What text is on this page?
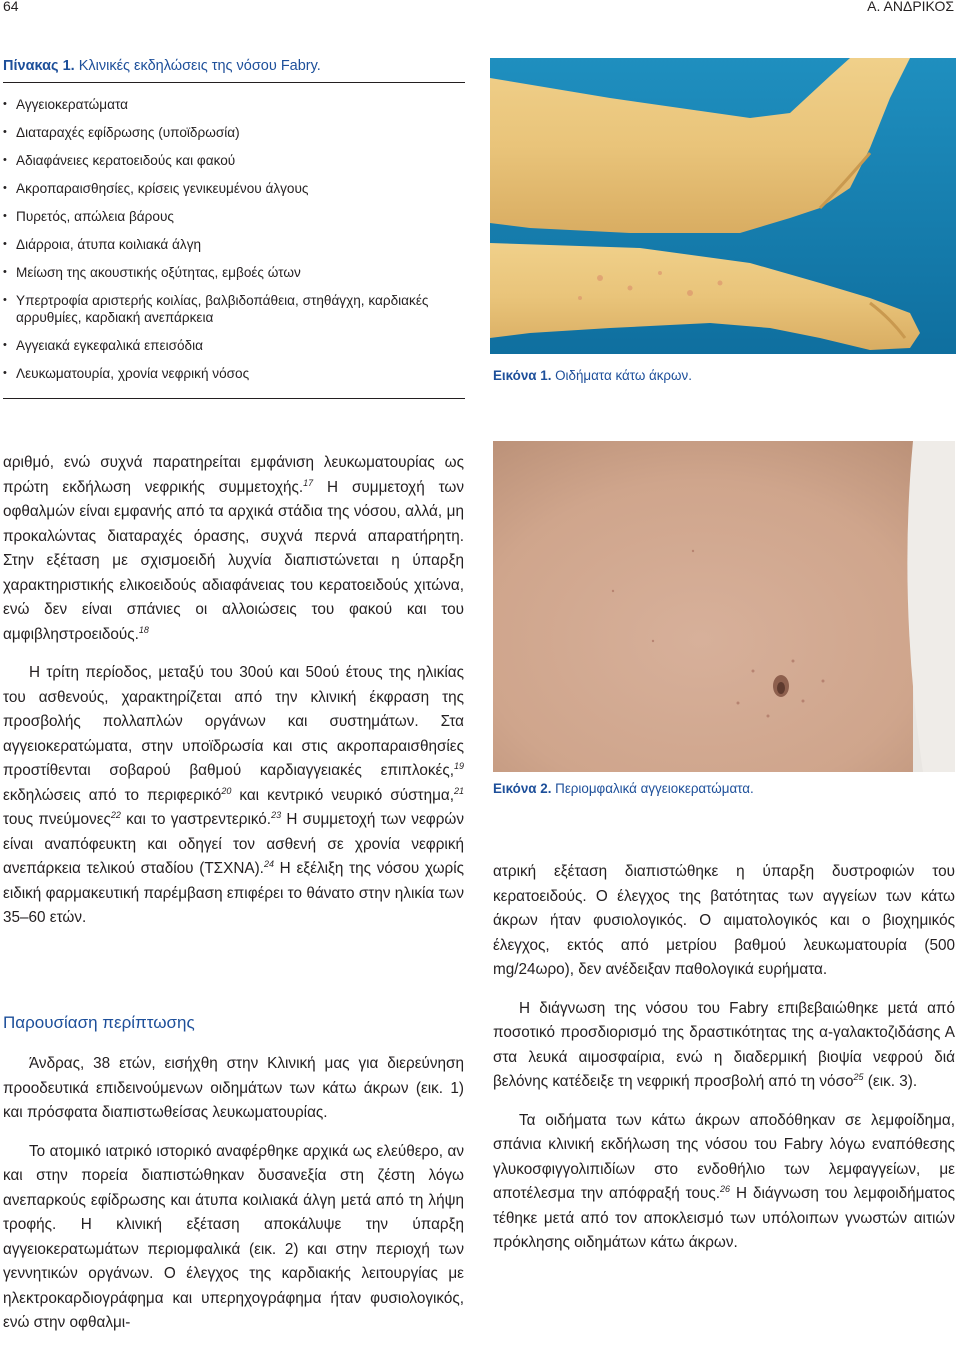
64	Α. ΑΝΔΡΙΚΟΣ
Πίνακας 1. Κλινικές εκδηλώσεις της νόσου Fabry.
• Αγγειοκερατώματα
• Διαταραχές εφίδρωσης (υποϊδρωσία)
• Αδιαφάνειες κερατοειδούς και φακού
• Ακροπαραισθησίες, κρίσεις γενικευμένου άλγους
• Πυρετός, απώλεια βάρους
• Διάρροια, άτυπα κοιλιακά άλγη
• Μείωση της ακουστικής οξύτητας, εμβοές ώτων
• Υπερτροφία αριστερής κοιλίας, βαλβιδοπάθεια, στηθάγχη, καρδιακές αρρυθμίες, καρδιακή ανεπάρκεια
• Αγγειακά εγκεφαλικά επεισόδια
• Λευκωματουρία, χρονία νεφρική νόσος	Εικόνα 1. Οιδήματα κάτω άκρων.
Εικόνα 2. Περιομφαλικά αγγειοκερατώματα.

αριθμό, ενώ συχνά παρατηρείται εμφάνιση λευκωματουρίας ως πρώτη εκδήλωση νεφρικής συμμετοχής.$^{17}$ Η συμμετοχή των οφθαλμών είναι εμφανής από τα αρχικά στάδια της νόσου, αλλά, μη προκαλώντας διαταραχές όρασης, συχνά περνά απαρατήρητη. Στην εξέταση με σχισμοειδή λυχνία διαπιστώνεται η ύπαρξη χαρακτηριστικής ελικοειδούς αδιαφάνειας του κερατοειδούς χιτώνα, ενώ δεν είναι σπάνιες οι αλλοιώσεις του φακού και του αμφιβληστροειδούς.$^{18}$

Η τρίτη περίοδος, μεταξύ του 30ού και 50ού έτους της ηλικίας του ασθενούς, χαρακτηρίζεται από την κλινική έκφραση της προσβολής πολλαπλών οργάνων και συστημάτων. Στα αγγειοκερατώματα, στην υποϊδρωσία και στις ακροπαραισθησίες προστίθενται σοβαρού βαθμού καρδιαγγειακές επιπλοκές,$^{19}$ εκδηλώσεις από το περιφερικό$^{20}$ και κεντρικό νευρικό σύστημα,$^{21}$ τους πνεύμονες$^{22}$ και το γαστρεντερικό.$^{23}$ Η συμμετοχή των νεφρών είναι αναπόφευκτη και οδηγεί τον ασθενή σε χρονία νεφρική ανεπάρκεια τελικού σταδίου (ΤΣΧΝΑ).$^{24}$ Η εξέλιξη της νόσου χωρίς ειδική φαρμακευτική παρέμβαση επιφέρει το θάνατο στην ηλικία των 35–60 ετών.

Παρουσίαση περίπτωσης

Άνδρας, 38 ετών, εισήχθη στην Κλινική μας για διερεύνηση προοδευτικά επιδεινούμενων οιδημάτων των κάτω άκρων (εικ. 1) και πρόσφατα διαπιστωθείσας λευκωματουρίας.

Το ατομικό ιατρικό ιστορικό αναφέρθηκε αρχικά ως ελεύθερο, αν και στην πορεία διαπιστώθηκαν δυσανεξία στη ζέστη λόγω ανεπαρκούς εφίδρωσης και άτυπα κοιλιακά άλγη μετά από τη λήψη τροφής. Η κλινική εξέταση αποκάλυψε την ύπαρξη αγγειοκερατωμάτων περιομφαλικά (εικ. 2) και στην περιοχή των γεννητικών οργάνων. Ο έλεγχος της καρδιακής λειτουργίας με ηλεκτροκαρδιογράφημα και υπερηχογράφημα ήταν φυσιολογικός, ενώ στην οφθαλμι-

ατρική εξέταση διαπιστώθηκε η ύπαρξη δυστροφιών του κερατοειδούς. Ο έλεγχος της βατότητας των αγγείων των κάτω άκρων ήταν φυσιολογικός. Ο αιματολογικός και ο βιοχημικός έλεγχος, εκτός από μετρίου βαθμού λευκωματουρία (500 mg/24ωρο), δεν ανέδειξαν παθολογικά ευρήματα.

Η διάγνωση της νόσου του Fabry επιβεβαιώθηκε μετά από ποσοτικό προσδιορισμό της δραστικότητας της α-γαλακτοζιδάσης Α στα λευκά αιμοσφαίρια, ενώ η διαδερμική βιοψία νεφρού διά βελόνης κατέδειξε τη νεφρική προσβολή από τη νόσο$^{25}$ (εικ. 3).

Τα οιδήματα των κάτω άκρων αποδόθηκαν σε λεμφοίδημα, σπάνια κλινική εκδήλωση της νόσου του Fabry λόγω εναπόθεσης γλυκοσφιγγολιπιδίων στο ενδοθήλιο των λεμφαγγείων, με αποτέλεσμα την απόφραξή τους.$^{26}$ Η διάγνωση του λεμφοιδήματος τέθηκε μετά από τον αποκλεισμό των υπόλοιπων γνωστών αιτιών πρόκλησης οιδημάτων κάτω άκρων.
